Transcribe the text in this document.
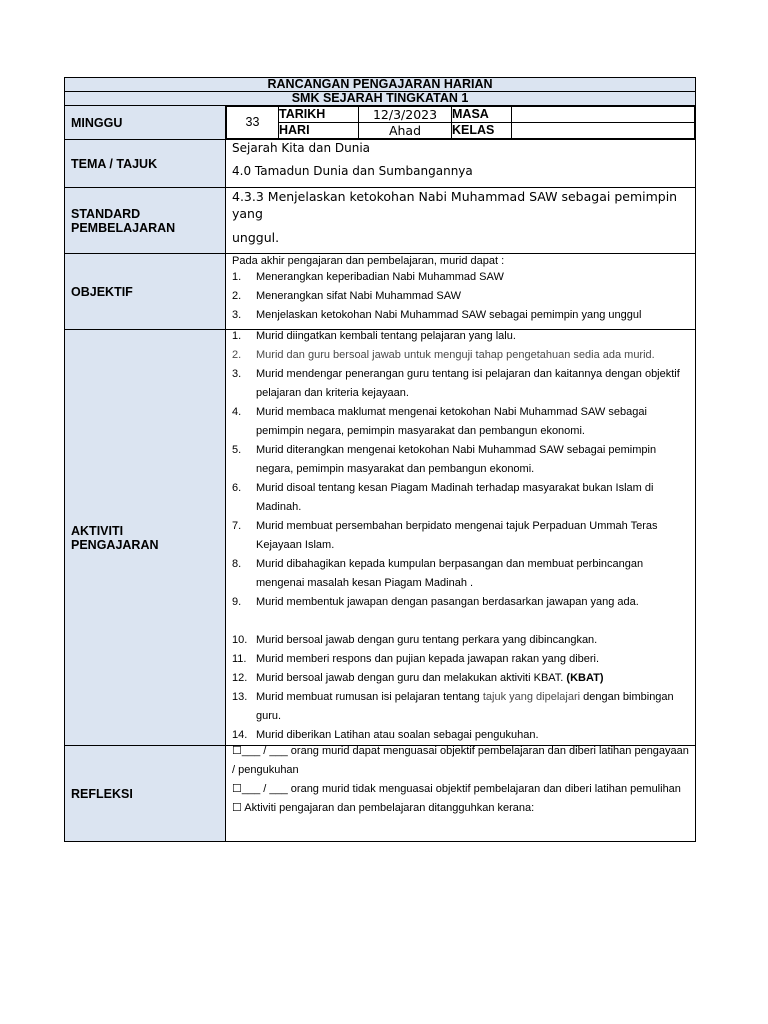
RANCANGAN PENGAJARAN HARIAN
SMK SEJARAH TINGKATAN 1
MINGGU		33	TARIKH	12/3/2023	MASA	
HARI	Ahad	KELAS	

TEMA / TAJUK	
Sejarah Kita dan Dunia
4.0 Tamadun Dunia dan Sumbangannya

STANDARD
PEMBELAJARAN

4.3.3 Menjelaskan ketokohan Nabi Muhammad SAW sebagai pemimpin yang
unggul.

OBJEKTIF	
Pada akhir pengajaran dan pembelajaran, murid dapat :
1. Menerangkan keperibadian Nabi Muhammad SAW
2. Menerangkan sifat Nabi Muhammad SAW
3. Menjelaskan ketokohan Nabi Muhammad SAW sebagai pemimpin yang unggul

AKTIVITI
PENGAJARAN

1. Murid diingatkan kembali tentang pelajaran yang lalu.
2. Murid dan guru bersoal jawab untuk menguji tahap pengetahuan sedia ada murid.
3. Murid mendengar penerangan guru tentang isi pelajaran dan kaitannya dengan objektif pelajaran dan kriteria kejayaan.
4. Murid membaca maklumat mengenai ketokohan Nabi Muhammad SAW sebagai pemimpin negara, pemimpin masyarakat dan pembangun ekonomi.
5. Murid diterangkan mengenai ketokohan Nabi Muhammad SAW sebagai pemimpin negara, pemimpin masyarakat dan pembangun ekonomi.
6. Murid disoal tentang kesan Piagam Madinah terhadap masyarakat bukan Islam di Madinah.
7. Murid membuat persembahan berpidato mengenai tajuk Perpaduan Ummah Teras Kejayaan Islam.
8. Murid dibahagikan kepada kumpulan berpasangan dan membuat perbincangan mengenai masalah kesan Piagam Madinah .
9. Murid membentuk jawapan dengan pasangan berdasarkan jawapan yang ada.
10. Murid bersoal jawab dengan guru tentang perkara yang dibincangkan.
11. Murid memberi respons dan pujian kepada jawapan rakan yang diberi.
12. Murid bersoal jawab dengan guru dan melakukan aktiviti KBAT. (KBAT)
13. Murid membuat rumusan isi pelajaran tentang tajuk yang dipelajari dengan bimbingan guru.
14. Murid diberikan Latihan atau soalan sebagai pengukuhan.

REFLEKSI	
☐___ / ___ orang murid dapat menguasai objektif pembelajaran dan diberi latihan pengayaan / pengukuhan
☐___ / ___ orang murid tidak menguasai objektif pembelajaran dan diberi latihan pemulihan
☐ Aktiviti pengajaran dan pembelajaran ditangguhkan kerana:
